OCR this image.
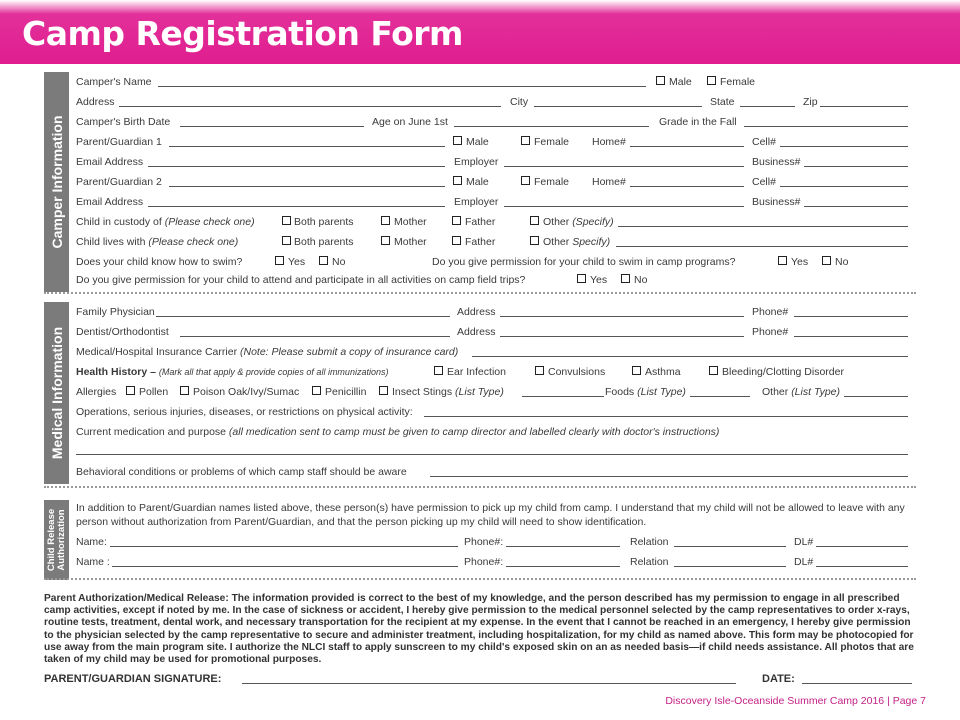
Camp Registration Form
Camper Information
Medical Information
Child Release Authorization
Camper's Name	Male	Female
Address	City	State	Zip
Camper's Birth Date	Age on June 1st	Grade in the Fall
Parent/Guardian 1	Male	Female Home#	Cell#
Email Address	Employer	Business#
Parent/Guardian 2	Male	Female Home#	Cell#
Email Address	Employer	Business#
Child in custody of (Please check one)	Both parents	Mother	Father	Other (Specify)
Child lives with (Please check one)	Both parents	Mother	Father	Other Specify)
Does your child know how to swim?	Yes	No	Do you give permission for your child to swim in camp programs?	Yes	No
Do you give permission for your child to attend and participate in all activities on camp field trips?	Yes	No
Family Physician	Address	Phone#
Dentist/Orthodontist	Address	Phone#
Medical/Hospital Insurance Carrier (Note: Please submit a copy of insurance card)
Health History – (Mark all that apply & provide copies of all immunizations)	Ear Infection	Convulsions	Asthma	Bleeding/Clotting Disorder
Allergies Pollen Poison Oak/Ivy/Sumac Penicillin Insect Stings (List Type)	Foods (List Type)	Other (List Type)
Operations, serious injuries, diseases, or restrictions on physical activity:
Current medication and purpose (all medication sent to camp must be given to camp director and labelled clearly with doctor's instructions)
Behavioral conditions or problems of which camp staff should be aware
In addition to Parent/Guardian names listed above, these person(s) have permission to pick up my child from camp. I understand that my child will not be allowed to leave with any person without authorization from Parent/Guardian, and that the person picking up my child will need to show identification.
Name:	Phone#:	Relation	DL#
Name :	Phone#:	Relation	DL#
Parent Authorization/Medical Release: The information provided is correct to the best of my knowledge, and the person described has my permission to engage in all prescribed camp activities, except if noted by me. In the case of sickness or accident, I hereby give permission to the medical personnel selected by the camp representatives to order x-rays, routine tests, treatment, dental work, and necessary transportation for the recipient at my expense. In the event that I cannot be reached in an emergency, I hereby give permission to the physician selected by the camp representative to secure and administer treatment, including hospitalization, for my child as named above. This form may be photocopied for use away from the main program site. I authorize the NLCI staff to apply sunscreen to my child's exposed skin on an as needed basis—if child needs assistance. All photos that are taken of my child may be used for promotional purposes.
PARENT/GUARDIAN SIGNATURE:	DATE:
Discovery Isle-Oceanside Summer Camp 2016 | Page 7
